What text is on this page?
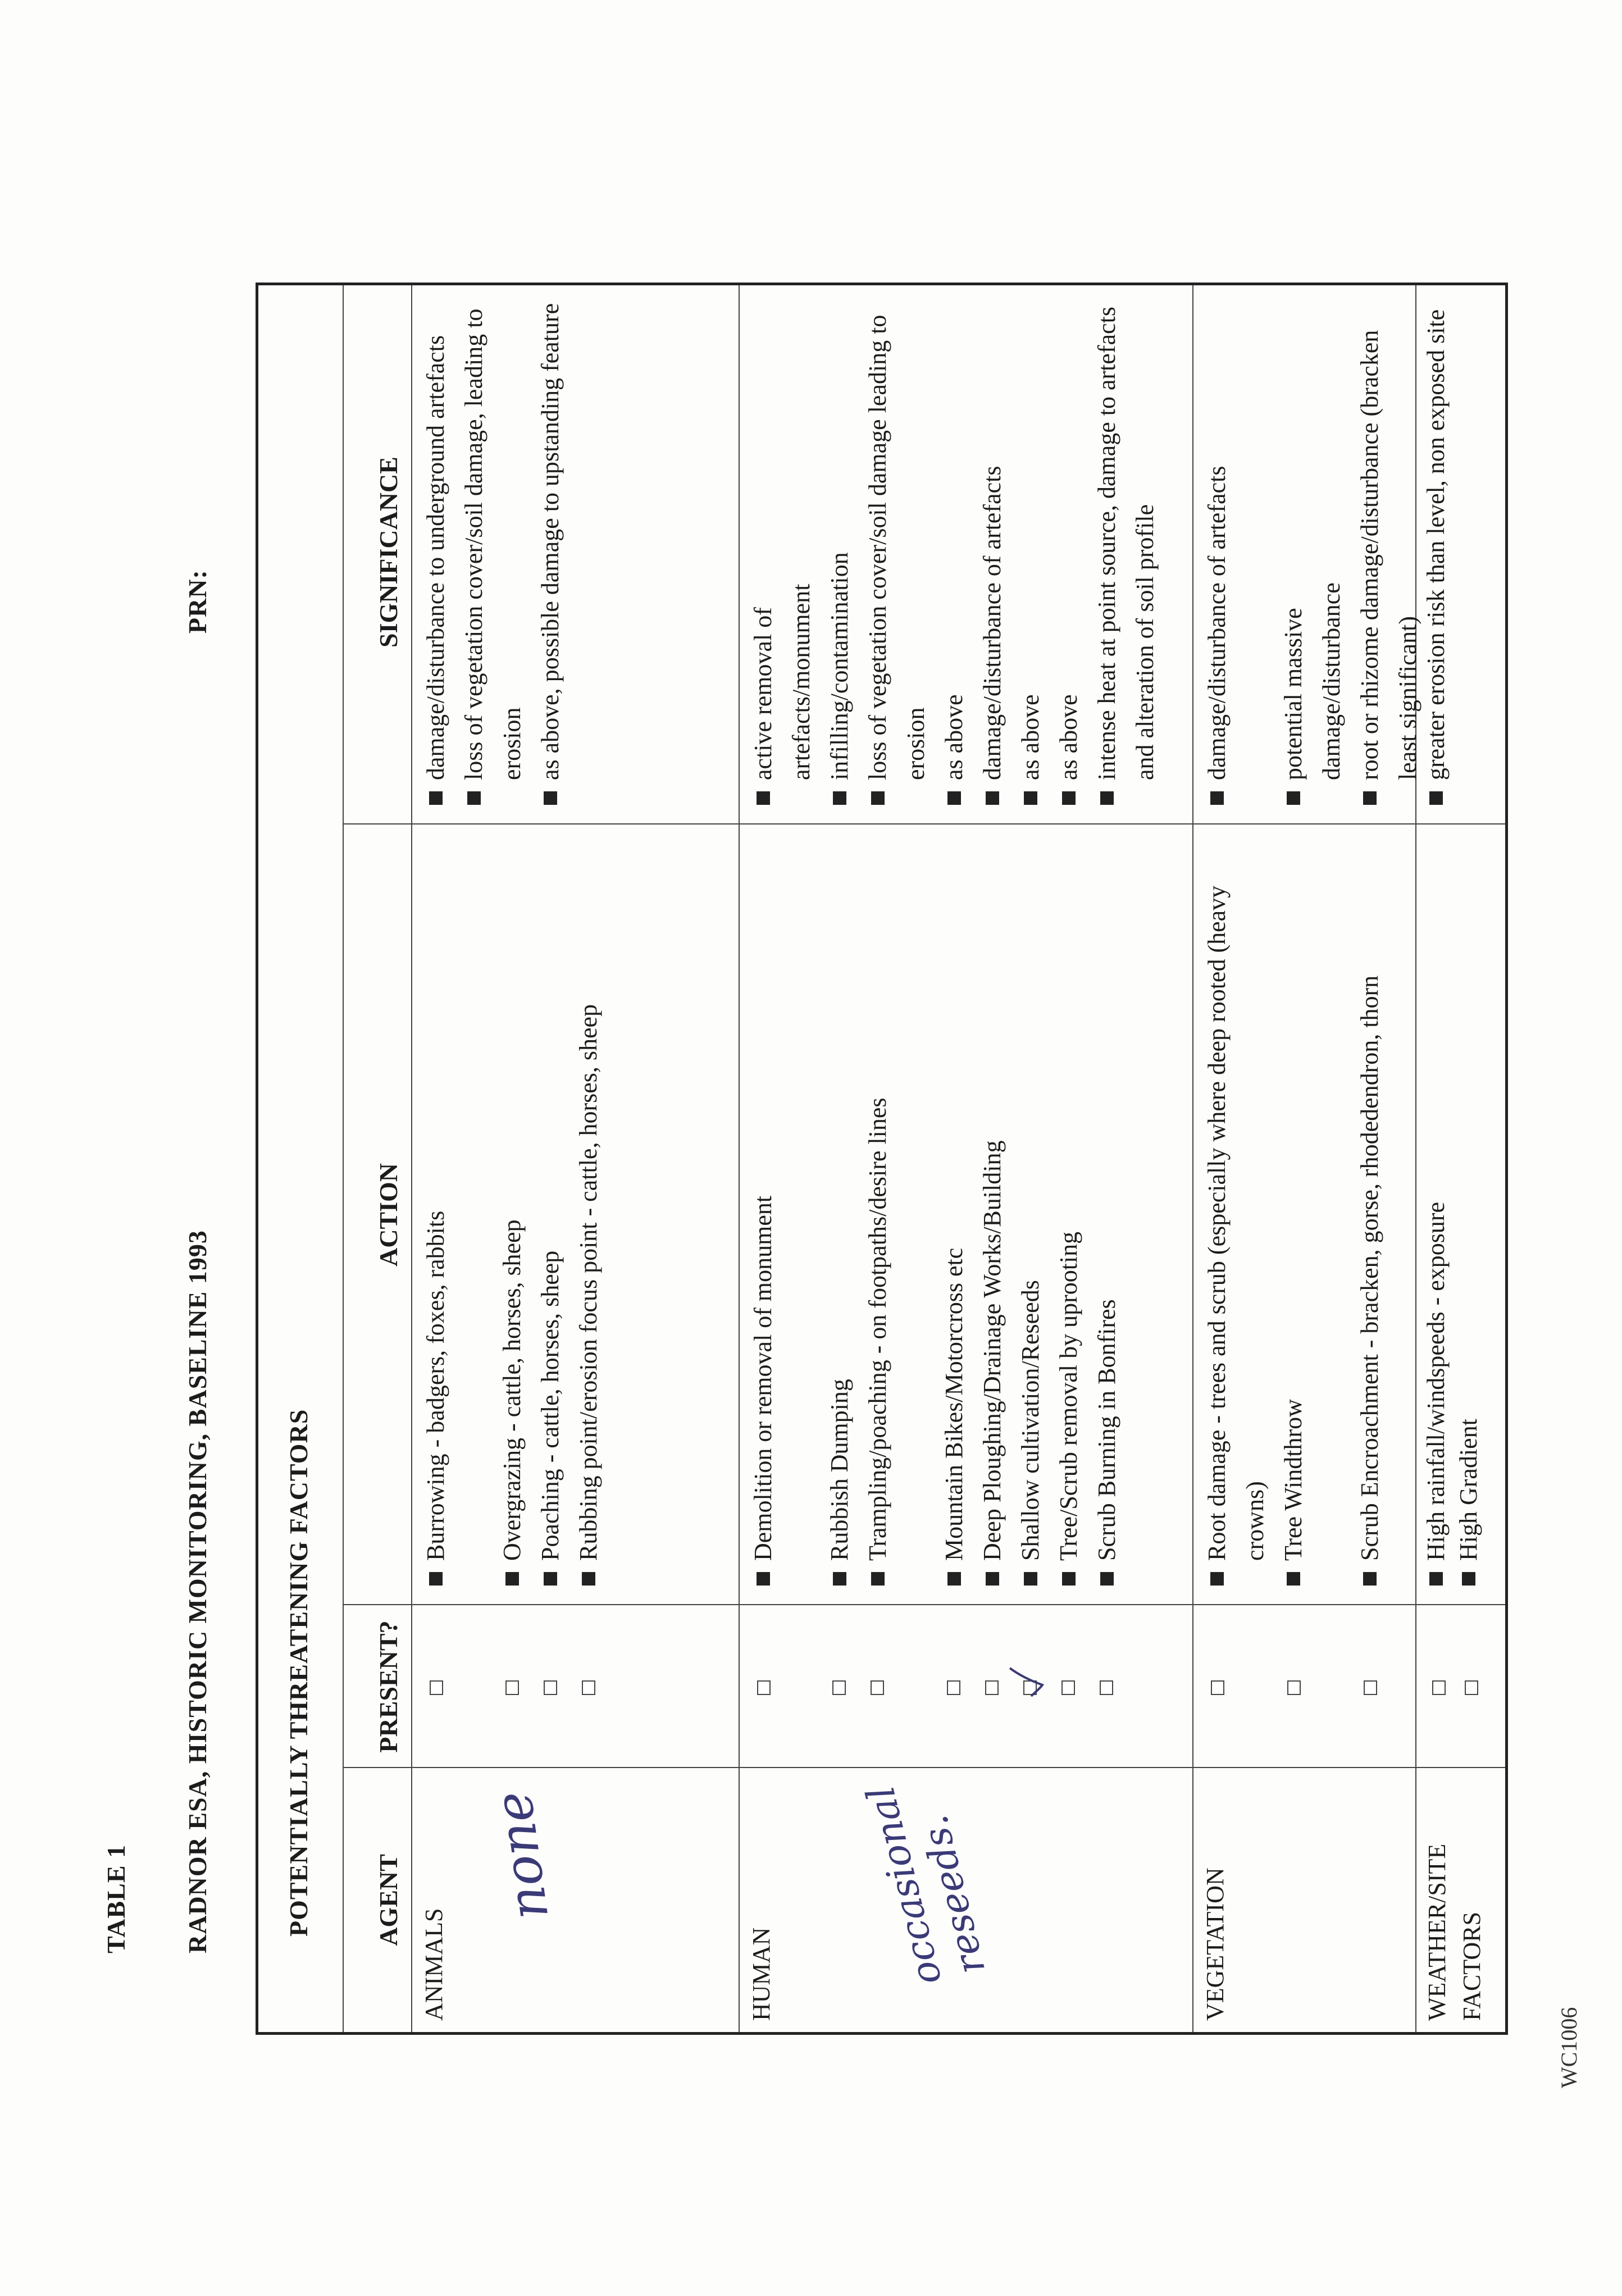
TABLE 1 RADNOR ESA, HISTORIC MONITORING, BASELINE 1993
PRN:
POTENTIALLY THREATENING FACTORS AGENT
PRESENT?
ACTION
SIGNIFICANCE
ANIMALS
none
Burrowing - badgers, foxes, rabbits Overgrazing - cattle, horses, sheep Poaching - cattle, horses, sheep Rubbing point/erosion focus point - cattle, horses, sheep
damage/disturbance to underground artefacts loss of vegetation cover/soil damage, leading to erosion as above, possible damage to upstanding feature
HUMAN occasional reseeds.
Demolition or removal of monument Rubbish Dumping Trampling/poaching - on footpaths/desire lines Mountain Bikes/Motorcross etc Deep Ploughing/Drainage Works/Building Shallow cultivation/Reseeds Tree/Scrub removal by uprooting Scrub Burning in Bonfires
active removal of artefacts/monument infilling/contamination loss of vegetation cover/soil damage leading to erosion as above damage/disturbance of artefacts as above as above intense heat at point source, damage to artefacts and alteration of soil profile
VEGETATION
Root damage - trees and scrub (especially where deep rooted (heavy crowns) Tree Windthrow Scrub Encroachment - bracken, gorse, rhodedendron, thorn
damage/disturbance of artefacts potential massive damage/disturbance root or rhizome damage/disturbance (bracken least significant)
WEATHER/SITE FACTORS
High rainfall/windspeeds - exposure High Gradient
greater erosion risk than level, non exposed site
WC1006
